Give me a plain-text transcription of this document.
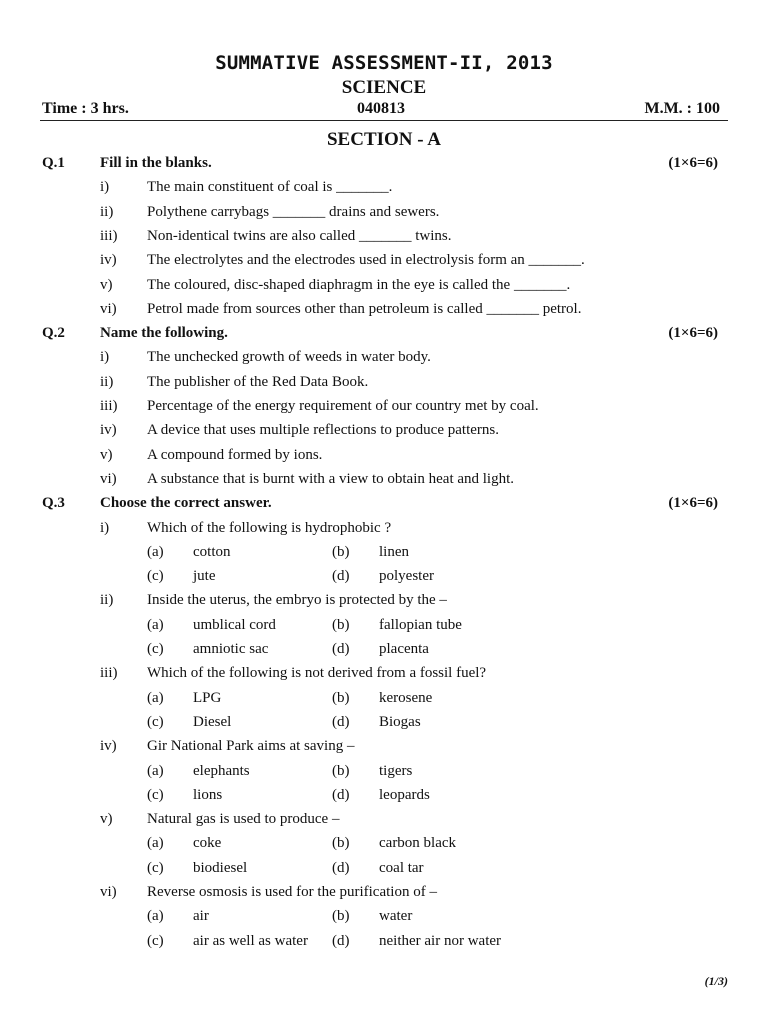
SUMMATIVE ASSESSMENT-II, 2013
SCIENCE
Time : 3 hrs.	040813	M.M. : 100
SECTION - A
Q.1 Fill in the blanks.	(1×6=6)
i)	The main constituent of coal is _______.
ii) Polythene carrybags _______ drains and sewers.
iii) Non-identical twins are also called _______ twins.
iv) The electrolytes and the electrodes used in electrolysis form an _______.
v) The coloured, disc-shaped diaphragm in the eye is called the _______.
vi) Petrol made from sources other than petroleum is called _______ petrol.
Q.2 Name the following.	(1×6=6)
i)	The unchecked growth of weeds in water body.
ii) The publisher of the Red Data Book.
iii) Percentage of the energy requirement of our country met by coal.
iv) A device that uses multiple reflections to produce patterns.
v) A compound formed by ions.
vi) A substance that is burnt with a view to obtain heat and light.
Q.3 Choose the correct answer.	(1×6=6)
i)	Which of the following is hydrophobic ?
(a) cotton	(b) linen
(c) jute	(d) polyester
ii) Inside the uterus, the embryo is protected by the –
(a) umblical cord	(b) fallopian tube
(c) amniotic sac	(d) placenta
iii) Which of the following is not derived from a fossil fuel?
(a) LPG	(b) kerosene
(c) Diesel	(d) Biogas
iv) Gir National Park aims at saving –
(a) elephants	(b) tigers
(c) lions	(d) leopards
v) Natural gas is used to produce –
(a) coke	(b) carbon black
(c) biodiesel	(d) coal tar
vi) Reverse osmosis is used for the purification of –
(a) air	(b) water
(c) air as well as water (d) neither air nor water
(1/3)
